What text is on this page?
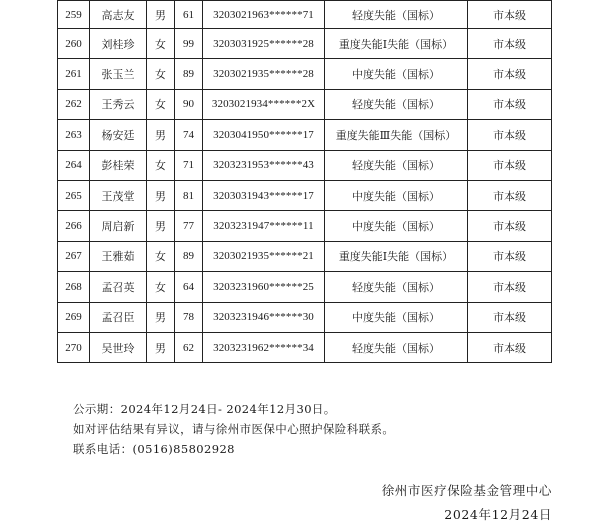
259	高志友	男	61	3203021963******71	轻度失能（国标）	市本级
260	刘桂珍	女	99	3203031925******28	重度失能Ⅰ失能（国标）	市本级
261	张玉兰	女	89	3203021935******28	中度失能（国标）	市本级
262	王秀云	女	90	3203021934******2X	轻度失能（国标）	市本级
263	杨安廷	男	74	3203041950******17	重度失能Ⅲ失能（国标）	市本级
264	彭桂荣	女	71	3203231953******43	轻度失能（国标）	市本级
265	王茂堂	男	81	3203031943******17	中度失能（国标）	市本级
266	周启新	男	77	3203231947******11	中度失能（国标）	市本级
267	王雅茹	女	89	3203021935******21	重度失能Ⅰ失能（国标）	市本级
268	孟召英	女	64	3203231960******25	轻度失能（国标）	市本级
269	孟召臣	男	78	3203231946******30	中度失能（国标）	市本级
270	吴世玲	男	62	3203231962******34	轻度失能（国标）	市本级
公示期：2024年12月24日- 2024年12月30日。
如对评估结果有异议，请与徐州市医保中心照护保险科联系。
联系电话：(0516)85802928
徐州市医疗保险基金管理中心
2024年12月24日
